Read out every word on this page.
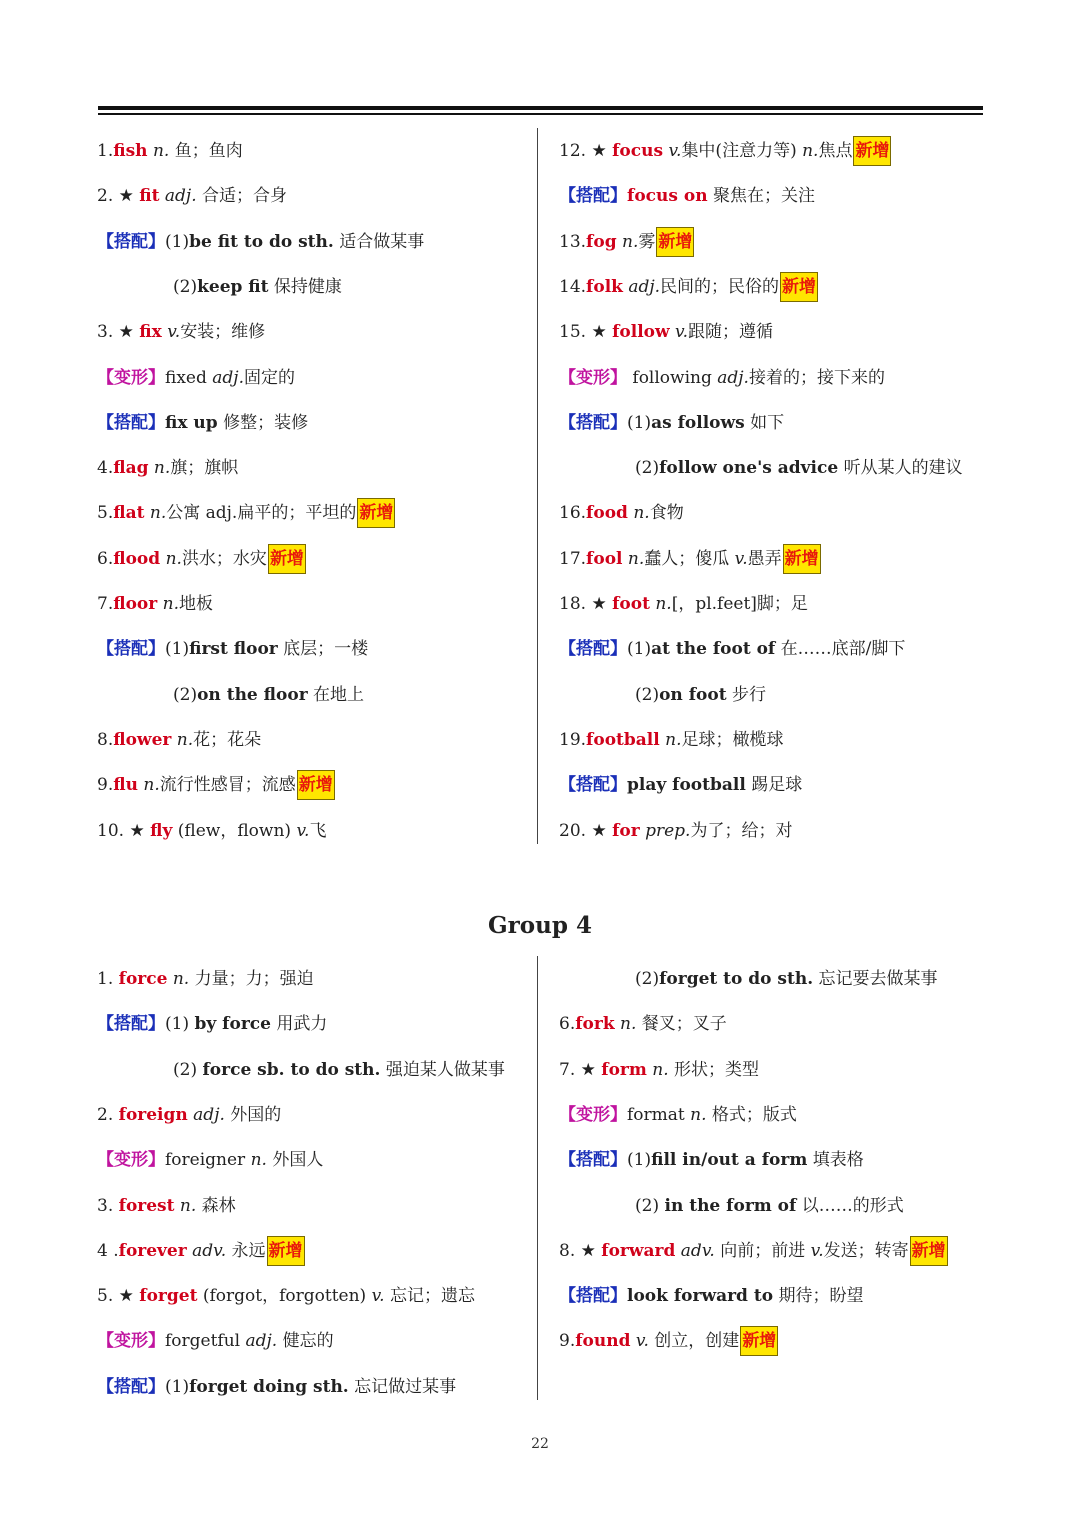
1.fish n. 鱼；鱼肉
2. ★ fit adj. 合适；合身
【搭配】(1)be fit to do sth. 适合做某事
(2)keep fit 保持健康
3. ★ fix v.安装；维修
【变形】fixed adj.固定的
【搭配】fix up 修整；装修
4.flag n.旗；旗帜
5.flat n.公寓 adj.扁平的；平坦的 新增
6.flood n.洪水；水灾 新增
7.floor n.地板
【搭配】(1)first floor 底层；一楼
(2)on the floor 在地上
8.flower n.花；花朵
9.flu n.流行性感冒；流感 新增
10. ★ fly (flew，flown) v.飞
12. ★ focus v.集中(注意力等) n.焦点 新增
【搭配】focus on 聚焦在；关注
13.fog n.雾 新增
14.folk adj.民间的；民俗的 新增
15. ★ follow v.跟随；遵循
【变形】 following adj.接着的；接下来的
【搭配】(1)as follows 如下
(2)follow one's advice 听从某人的建议
16.food n.食物
17.fool n.蠢人；傻瓜 v.愚弄 新增
18. ★ foot n.[，pl.feet]脚；足
【搭配】(1)at the foot of 在……底部/脚下
(2)on foot 步行
19.football n.足球；橄榄球
【搭配】play football 踢足球
20. ★ for prep.为了；给；对
Group 4
1. force n. 力量；力；强迫
【搭配】(1) by force 用武力
(2) force sb. to do sth. 强迫某人做某事
2. foreign adj. 外国的
【变形】foreigner n. 外国人
3. forest n. 森林
4 .forever adv. 永远 新增
5. ★ forget (forgot，forgotten) v. 忘记；遗忘
【变形】forgetful adj. 健忘的
【搭配】(1)forget doing sth. 忘记做过某事
(2)forget to do sth. 忘记要去做某事
6.fork n. 餐叉；叉子
7. ★ form n. 形状；类型
【变形】format n. 格式；版式
【搭配】(1)fill in/out a form 填表格
(2) in the form of 以……的形式
8. ★ forward adv. 向前；前进 v.发送；转寄 新增
【搭配】look forward to 期待；盼望
9.found v. 创立，创建 新增
22
